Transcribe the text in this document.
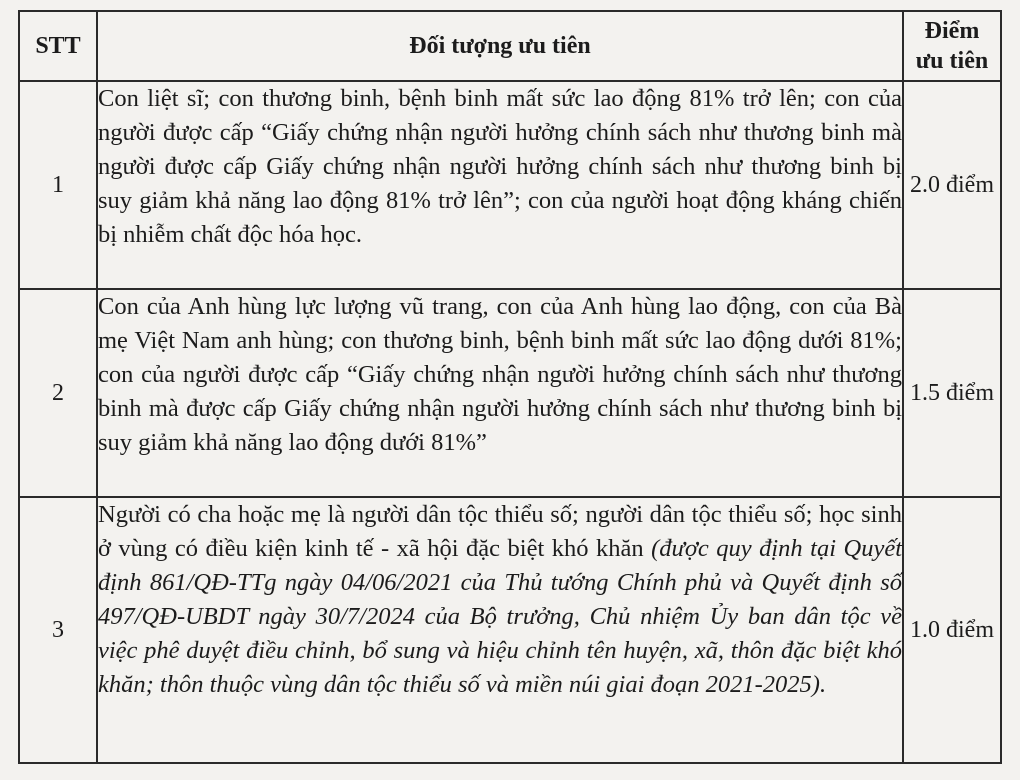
STT	Đối tượng ưu tiên	Điểm
ưu tiên
1	Con liệt sĩ; con thương binh, bệnh binh mất sức lao động 81% trở lên; con của người được cấp “Giấy chứng nhận người hưởng chính sách như thương binh mà người được cấp Giấy chứng nhận người hưởng chính sách như thương binh bị suy giảm khả năng lao động 81% trở lên”; con của người hoạt động kháng chiến bị nhiễm chất độc hóa học.	2.0 điểm
2	Con của Anh hùng lực lượng vũ trang, con của Anh hùng lao động, con của Bà mẹ Việt Nam anh hùng; con thương binh, bệnh binh mất sức lao động dưới 81%; con của người được cấp “Giấy chứng nhận người hưởng chính sách như thương binh mà được cấp Giấy chứng nhận người hưởng chính sách như thương binh bị suy giảm khả năng lao động dưới 81%”	1.5 điểm
3	Người có cha hoặc mẹ là người dân tộc thiểu số; người dân tộc thiểu số; học sinh ở vùng có điều kiện kinh tế - xã hội đặc biệt khó khăn (được quy định tại Quyết định 861/QĐ-TTg ngày 04/06/2021 của Thủ tướng Chính phủ và Quyết định số 497/QĐ-UBDT ngày 30/7/2024 của Bộ trưởng, Chủ nhiệm Ủy ban dân tộc về việc phê duyệt điều chỉnh, bổ sung và hiệu chỉnh tên huyện, xã, thôn đặc biệt khó khăn; thôn thuộc vùng dân tộc thiểu số và miền núi giai đoạn 2021-2025).	1.0 điểm
